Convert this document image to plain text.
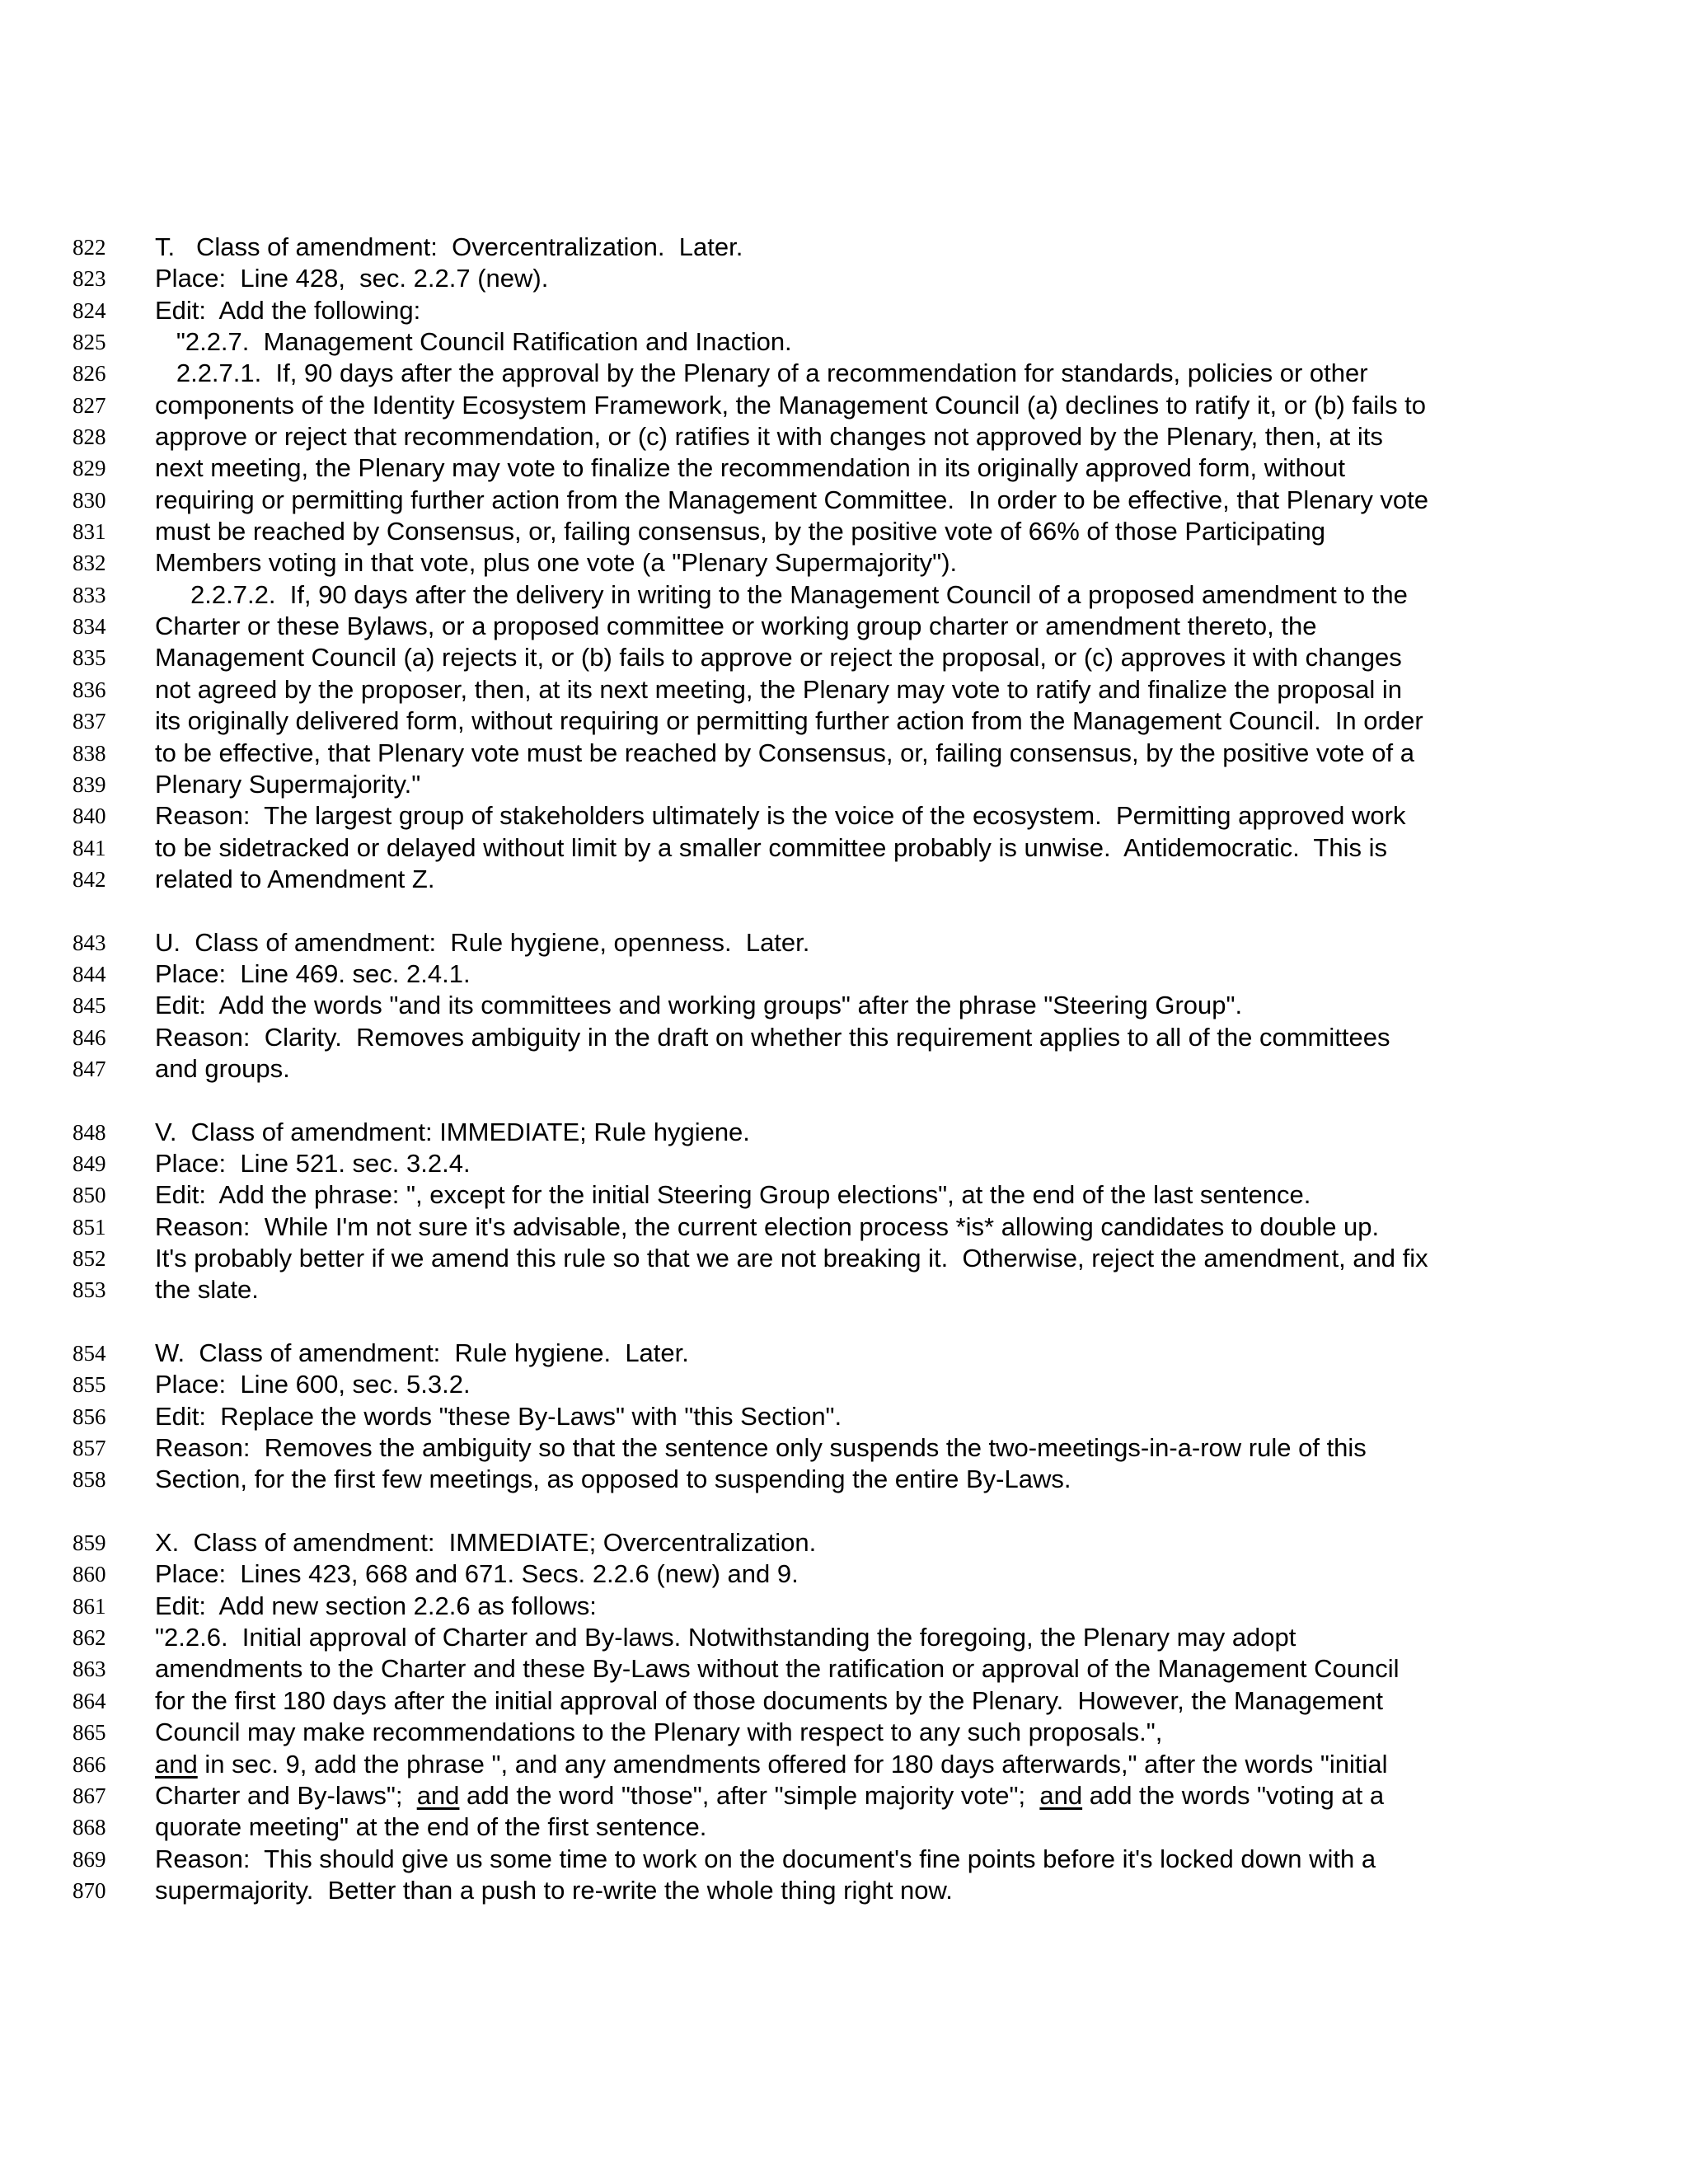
822	T.   Class of amendment:  Overcentralization.  Later.
823	Place:  Line 428,  sec. 2.2.7 (new).
824	Edit:  Add the following:
825	"2.2.7.  Management Council Ratification and Inaction.
826	2.2.7.1.  If, 90 days after the approval by the Plenary of a recommendation for standards, policies or other
827	components of the Identity Ecosystem Framework, the Management Council (a) declines to ratify it, or (b) fails to
828	approve or reject that recommendation, or (c) ratifies it with changes not approved by the Plenary, then, at its
829	next meeting, the Plenary may vote to finalize the recommendation in its originally approved form, without
830	requiring or permitting further action from the Management Committee.  In order to be effective, that Plenary vote
831	must be reached by Consensus, or, failing consensus, by the positive vote of 66% of those Participating
832	Members voting in that vote, plus one vote (a "Plenary Supermajority").
833	2.2.7.2.  If, 90 days after the delivery in writing to the Management Council of a proposed amendment to the
834	Charter or these Bylaws, or a proposed committee or working group charter or amendment thereto, the
835	Management Council (a) rejects it, or (b) fails to approve or reject the proposal, or (c) approves it with changes
836	not agreed by the proposer, then, at its next meeting, the Plenary may vote to ratify and finalize the proposal in
837	its originally delivered form, without requiring or permitting further action from the Management Council.  In order
838	to be effective, that Plenary vote must be reached by Consensus, or, failing consensus, by the positive vote of a
839	Plenary Supermajority."
840	Reason:  The largest group of stakeholders ultimately is the voice of the ecosystem.  Permitting approved work
841	to be sidetracked or delayed without limit by a smaller committee probably is unwise.  Antidemocratic.  This is
842	related to Amendment Z.
843	U.  Class of amendment:  Rule hygiene, openness.  Later.
844	Place:  Line 469. sec. 2.4.1.
845	Edit:  Add the words "and its committees and working groups" after the phrase "Steering Group".
846	Reason:  Clarity.  Removes ambiguity in the draft on whether this requirement applies to all of the committees
847	and groups.
848	V.  Class of amendment: IMMEDIATE; Rule hygiene.
849	Place:  Line 521. sec. 3.2.4.
850	Edit:  Add the phrase: ", except for the initial Steering Group elections", at the end of the last sentence.
851	Reason:  While I'm not sure it's advisable, the current election process *is* allowing candidates to double up.
852	It's probably better if we amend this rule so that we are not breaking it.  Otherwise, reject the amendment, and fix
853	the slate.
854	W.  Class of amendment:  Rule hygiene.  Later.
855	Place:  Line 600, sec. 5.3.2.
856	Edit:  Replace the words "these By-Laws" with "this Section".
857	Reason:  Removes the ambiguity so that the sentence only suspends the two-meetings-in-a-row rule of this
858	Section, for the first few meetings, as opposed to suspending the entire By-Laws.
859	X.  Class of amendment:  IMMEDIATE; Overcentralization.
860	Place:  Lines 423, 668 and 671. Secs. 2.2.6 (new) and 9.
861	Edit:  Add new section 2.2.6 as follows:
862	"2.2.6.  Initial approval of Charter and By-laws. Notwithstanding the foregoing, the Plenary may adopt
863	amendments to the Charter and these By-Laws without the ratification or approval of the Management Council
864	for the first 180 days after the initial approval of those documents by the Plenary.  However, the Management
865	Council may make recommendations to the Plenary with respect to any such proposals.",
866	and in sec. 9, add the phrase ", and any amendments offered for 180 days afterwards," after the words "initial
867	Charter and By-laws";  and add the word "those", after "simple majority vote";  and add the words "voting at a
868	quorate meeting" at the end of the first sentence.
869	Reason:  This should give us some time to work on the document's fine points before it's locked down with a
870	supermajority.  Better than a push to re-write the whole thing right now.
